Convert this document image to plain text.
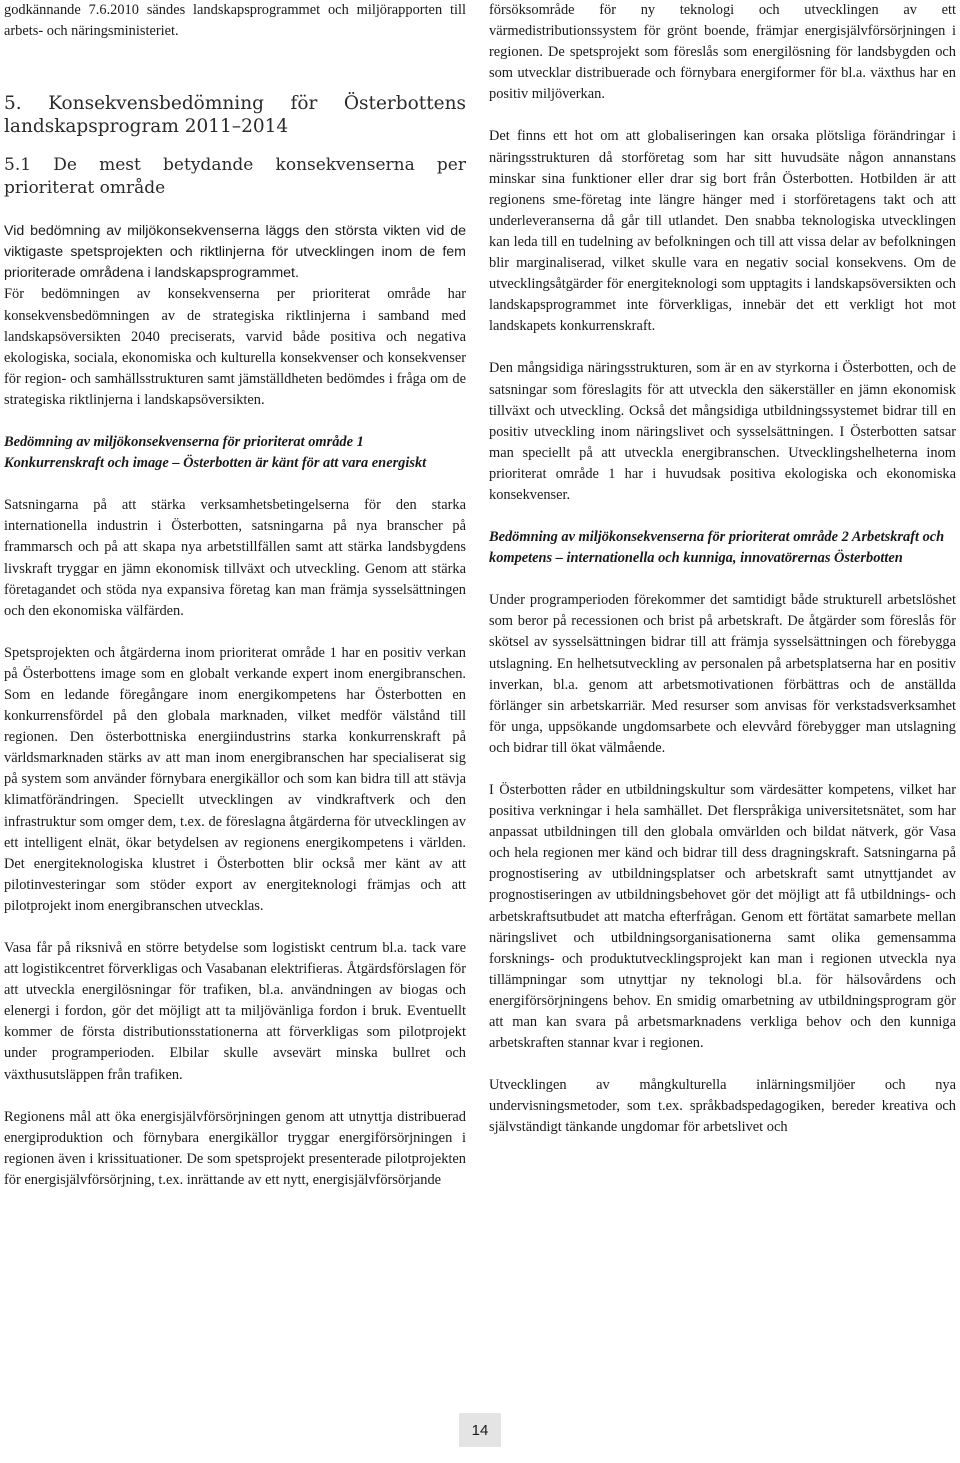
godkännande 7.6.2010 sändes landskapsprogrammet och miljörapporten till arbets- och näringsministeriet.

5. Konsekvensbedömning för Österbottens landskapsprogram 2011–2014
5.1 De mest betydande konsekvenserna per prioriterat område

Vid bedömning av miljökonsekvenserna läggs den största vikten vid de viktigaste spetsprojekten och riktlinjerna för utvecklingen inom de fem prioriterade områdena i landskapsprogrammet.

För bedömningen av konsekvenserna per prioriterat område har konsekvensbedömningen av de strategiska riktlinjerna i samband med landskapsöversikten 2040 preciserats, varvid både positiva och negativa ekologiska, sociala, ekonomiska och kulturella konsekvenser och konsekvenser för region- och samhällsstrukturen samt jämställdheten bedömdes i fråga om de strategiska riktlinjerna i landskapsöversikten.

Bedömning av miljökonsekvenserna för prioriterat område 1 Konkurrenskraft och image – Österbotten är känt för att vara energiskt

Satsningarna på att stärka verksamhetsbetingelserna för den starka internationella industrin i Österbotten, satsningarna på nya branscher på frammarsch och på att skapa nya arbetstillfällen samt att stärka landsbygdens livskraft tryggar en jämn ekonomisk tillväxt och utveckling. Genom att stärka företagandet och stöda nya expansiva företag kan man främja sysselsättningen och den ekonomiska välfärden.

Spetsprojekten och åtgärderna inom prioriterat område 1 har en positiv verkan på Österbottens image som en globalt verkande expert inom energibranschen. Som en ledande föregångare inom energikompetens har Österbotten en konkurrensfördel på den globala marknaden, vilket medför välstånd till regionen. Den österbottniska energiindustrins starka konkurrenskraft på världsmarknaden stärks av att man inom energibranschen har specialiserat sig på system som använder förnybara energikällor och som kan bidra till att stävja klimatförändringen. Speciellt utvecklingen av vindkraftverk och den infrastruktur som omger dem, t.ex. de föreslagna åtgärderna för utvecklingen av ett intelligent elnät, ökar betydelsen av regionens energikompetens i världen. Det energiteknologiska klustret i Österbotten blir också mer känt av att pilotinvesteringar som stöder export av energiteknologi främjas och att pilotprojekt inom energibranschen utvecklas.

Vasa får på riksnivå en större betydelse som logistiskt centrum bl.a. tack vare att logistikcentret förverkligas och Vasabanan elektrifieras. Åtgärdsförslagen för att utveckla energilösningar för trafiken, bl.a. användningen av biogas och elenergi i fordon, gör det möjligt att ta miljövänliga fordon i bruk. Eventuellt kommer de första distributionsstationerna att förverkligas som pilotprojekt under programperioden. Elbilar skulle avsevärt minska bullret och växthusutsläppen från trafiken.

Regionens mål att öka energisjälvförsörjningen genom att utnyttja distribuerad energiproduktion och förnybara energikällor tryggar energiförsörjningen i regionen även i krissituationer. De som spetsprojekt presenterade pilotprojekten för energisjälvförsörjning, t.ex. inrättande av ett nytt, energisjälvförsörjande

försöksområde för ny teknologi och utvecklingen av ett värmedistributionssystem för grönt boende, främjar energisjälvförsörjningen i regionen. De spetsprojekt som föreslås som energilösning för landsbygden och som utvecklar distribuerade och förnybara energiformer för bl.a. växthus har en positiv miljöverkan.

Det finns ett hot om att globaliseringen kan orsaka plötsliga förändringar i näringsstrukturen då storföretag som har sitt huvudsäte någon annanstans minskar sina funktioner eller drar sig bort från Österbotten. Hotbilden är att regionens sme-företag inte längre hänger med i storföretagens takt och att underleveranserna då går till utlandet. Den snabba teknologiska utvecklingen kan leda till en tudelning av befolkningen och till att vissa delar av befolkningen blir marginaliserad, vilket skulle vara en negativ social konsekvens. Om de utvecklingsåtgärder för energiteknologi som upptagits i landskapsöversikten och landskapsprogrammet inte förverkligas, innebär det ett verkligt hot mot landskapets konkurrenskraft.

Den mångsidiga näringsstrukturen, som är en av styrkorna i Österbotten, och de satsningar som föreslagits för att utveckla den säkerställer en jämn ekonomisk tillväxt och utveckling. Också det mångsidiga utbildningssystemet bidrar till en positiv utveckling inom näringslivet och sysselsättningen. I Österbotten satsar man speciellt på att utveckla energibranschen. Utvecklingshelheterna inom prioriterat område 1 har i huvudsak positiva ekologiska och ekonomiska konsekvenser.

Bedömning av miljökonsekvenserna för prioriterat område 2 Arbetskraft och kompetens – internationella och kunniga, innovatörernas Österbotten

Under programperioden förekommer det samtidigt både strukturell arbetslöshet som beror på recessionen och brist på arbetskraft. De åtgärder som föreslås för skötsel av sysselsättningen bidrar till att främja sysselsättningen och förebygga utslagning. En helhetsutveckling av personalen på arbetsplatserna har en positiv inverkan, bl.a. genom att arbetsmotivationen förbättras och de anställda förlänger sin arbetskarriär. Med resurser som anvisas för verkstadsverksamhet för unga, uppsökande ungdomsarbete och elevvård förebygger man utslagning och bidrar till ökat välmående.

I Österbotten råder en utbildningskultur som värdesätter kompetens, vilket har positiva verkningar i hela samhället. Det flerspråkiga universitetsnätet, som har anpassat utbildningen till den globala omvärlden och bildat nätverk, gör Vasa och hela regionen mer känd och bidrar till dess dragningskraft. Satsningarna på prognostisering av utbildningsplatser och arbetskraft samt utnyttjandet av prognostiseringen av utbildningsbehovet gör det möjligt att få utbildnings- och arbetskraftsutbudet att matcha efterfrågan. Genom ett förtätat samarbete mellan näringslivet och utbildningsorganisationerna samt olika gemensamma forsknings- och produktutvecklingsprojekt kan man i regionen utveckla nya tillämpningar som utnyttjar ny teknologi bl.a. för hälsovårdens och energiförsörjningens behov. En smidig omarbetning av utbildningsprogram gör att man kan svara på arbetsmarknadens verkliga behov och den kunniga arbetskraften stannar kvar i regionen.

Utvecklingen av mångkulturella inlärningsmiljöer och nya undervisningsmetoder, som t.ex. språkbadspedagogiken, bereder kreativa och självständigt tänkande ungdomar för arbetslivet och

14
